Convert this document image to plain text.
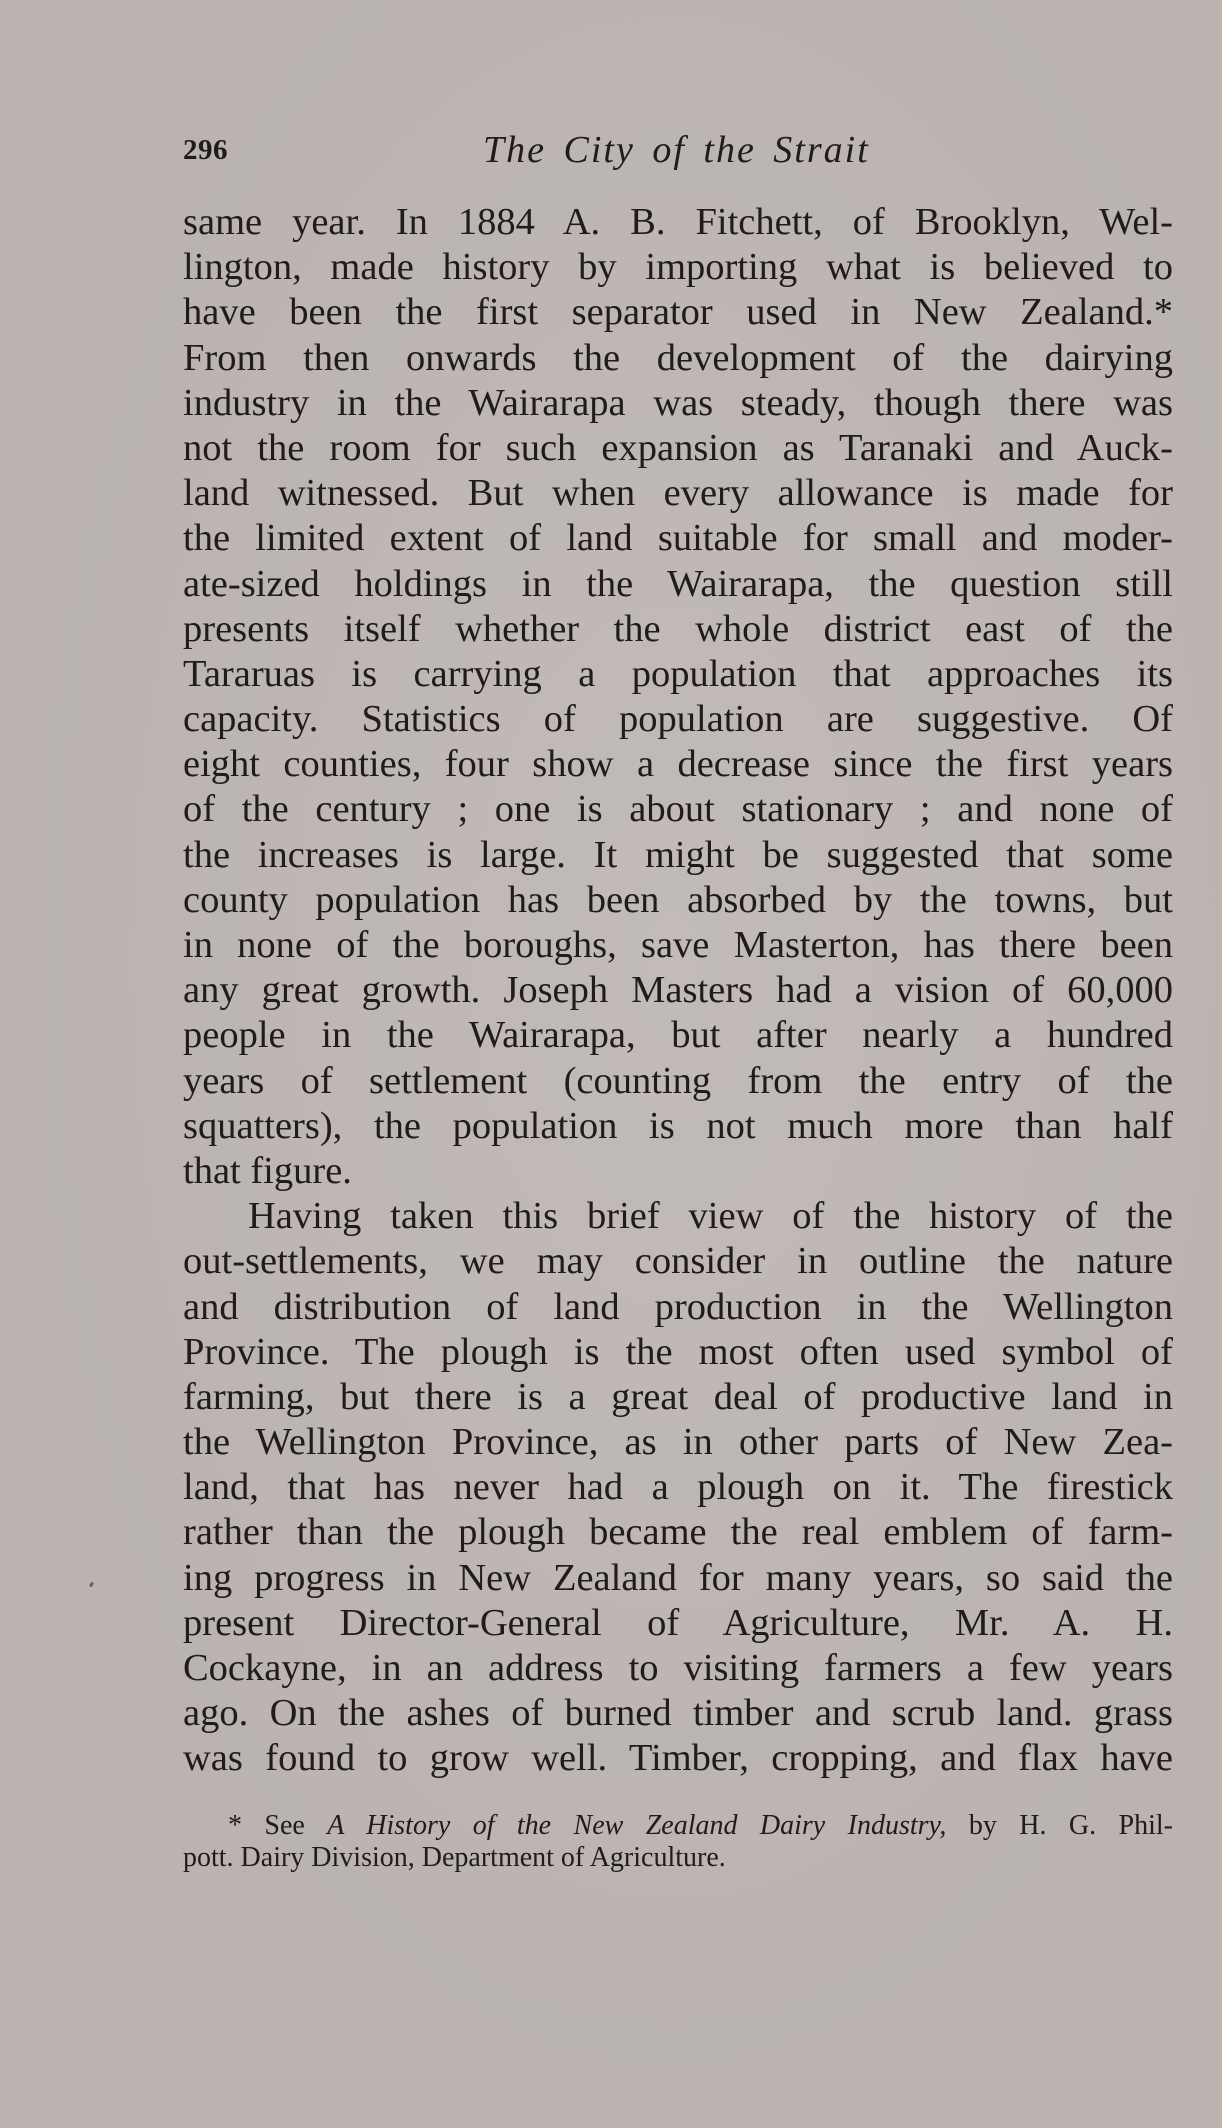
296	The City of the Strait
same year. In 1884 A. B. Fitchett, of Brooklyn, Wel-
lington, made history by importing what is believed to
have been the first separator used in New Zealand.*
From then onwards the development of the dairying
industry in the Wairarapa was steady, though there was
not the room for such expansion as Taranaki and Auck-
land witnessed. But when every allowance is made for
the limited extent of land suitable for small and moder-
ate-sized holdings in the Wairarapa, the question still
presents itself whether the whole district east of the
Tararuas is carrying a population that approaches its
capacity. Statistics of population are suggestive. Of
eight counties, four show a decrease since the first years
of the century ; one is about stationary ; and none of
the increases is large. It might be suggested that some
county population has been absorbed by the towns, but
in none of the boroughs, save Masterton, has there been
any great growth. Joseph Masters had a vision of 60,000
people in the Wairarapa, but after nearly a hundred
years of settlement (counting from the entry of the
squatters), the population is not much more than half
that figure.
Having taken this brief view of the history of the
out-settlements, we may consider in outline the nature
and distribution of land production in the Wellington
Province. The plough is the most often used symbol of
farming, but there is a great deal of productive land in
the Wellington Province, as in other parts of New Zea-
land, that has never had a plough on it. The firestick
rather than the plough became the real emblem of farm-
ing progress in New Zealand for many years, so said the
present Director-General of Agriculture, Mr. A. H.
Cockayne, in an address to visiting farmers a few years
ago. On the ashes of burned timber and scrub land. grass
was found to grow well. Timber, cropping, and flax have
* See A History of the New Zealand Dairy Industry, by H. G. Phil-
pott. Dairy Division, Department of Agriculture.
